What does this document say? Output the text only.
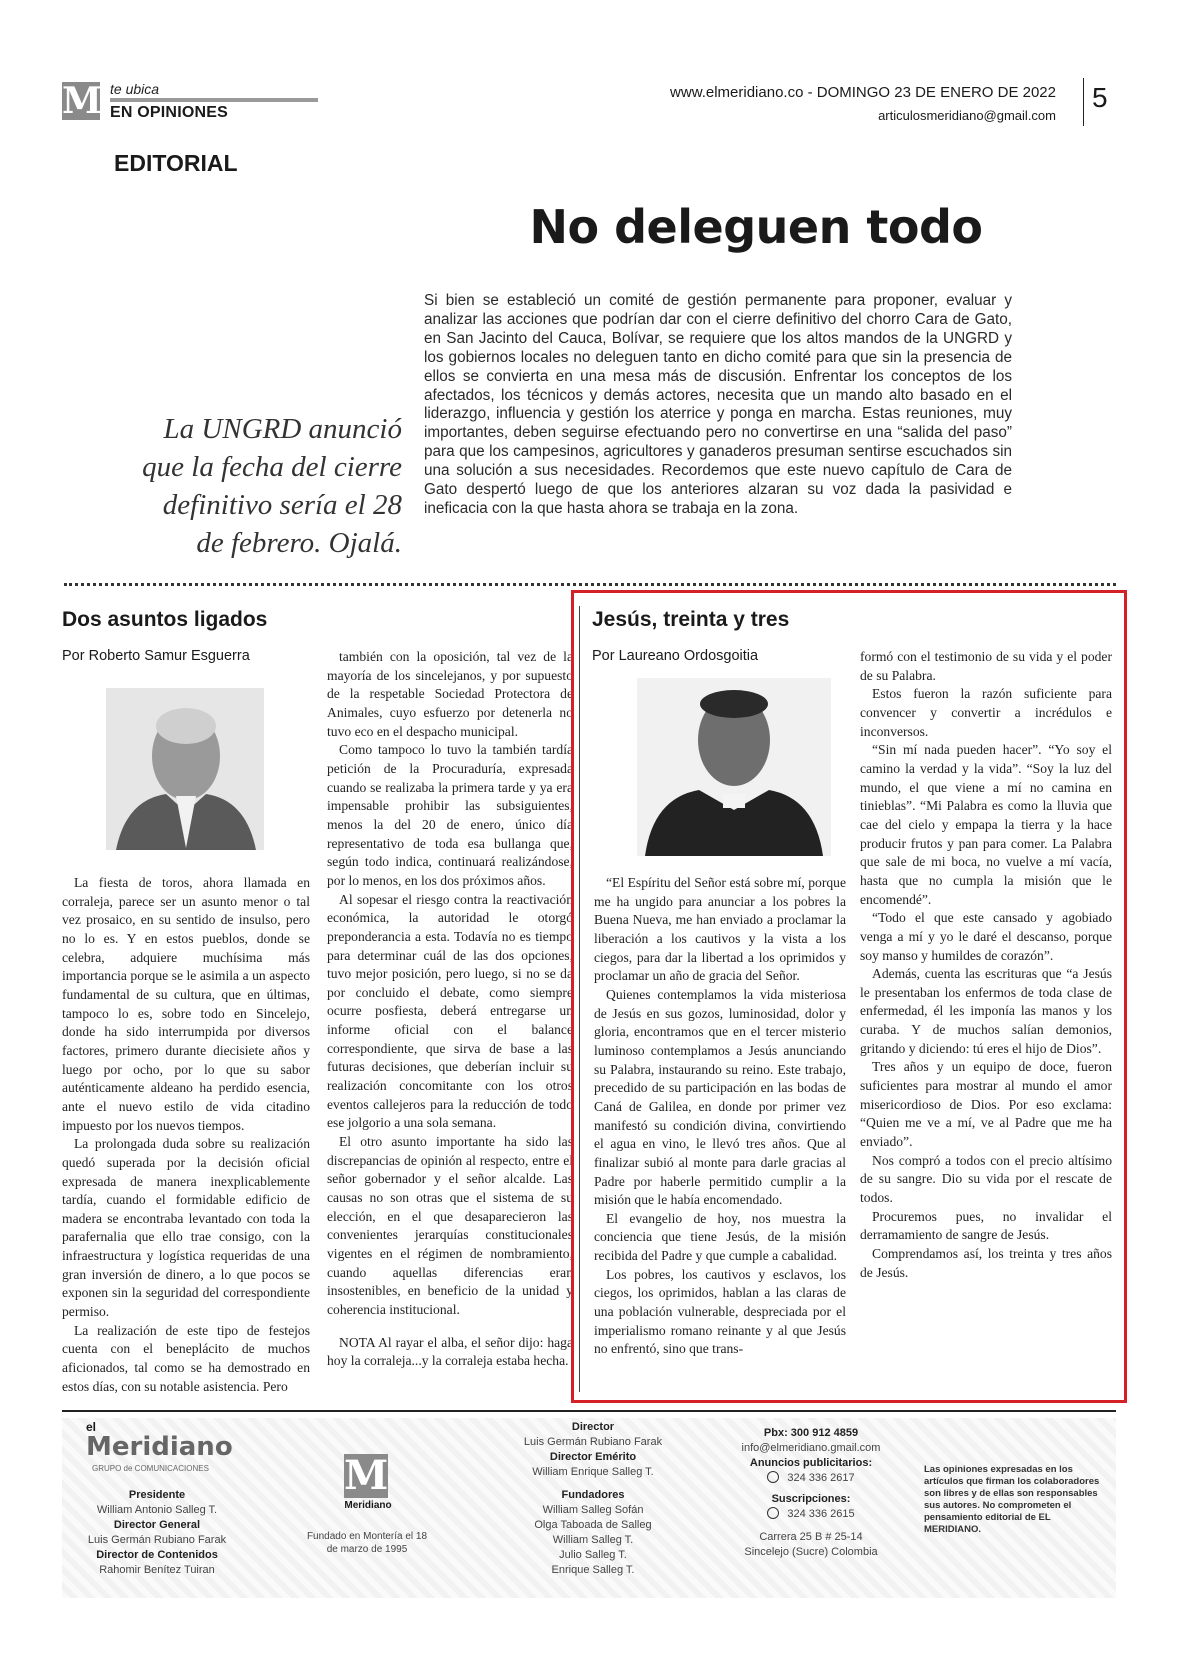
M te ubica
EN OPINIONES
www.elmeridiano.co - DOMINGO 23 DE ENERO DE 2022
articulosmeridiano@gmail.com
5
EDITORIAL
No deleguen todo
Si bien se estableció un comité de gestión permanente para proponer, evaluar y analizar las acciones que podrían dar con el cierre definitivo del chorro Cara de Gato, en San Jacinto del Cauca, Bolívar, se requiere que los altos mandos de la UNGRD y los gobiernos locales no deleguen tanto en dicho comité para que sin la presencia de ellos se convierta en una mesa más de discusión. Enfrentar los conceptos de los afectados, los técnicos y demás actores, necesita que un mando alto basado en el liderazgo, influencia y gestión los aterrice y ponga en marcha. Estas reuniones, muy importantes, deben seguirse efectuando pero no convertirse en una “salida del paso” para que los campesinos, agricultores y ganaderos presuman sentirse escuchados sin una solución a sus necesidades. Recordemos que este nuevo capítulo de Cara de Gato despertó luego de que los anteriores alzaran su voz dada la pasividad e ineficacia con la que hasta ahora se trabaja en la zona.
La UNGRD anunció que la fecha del cierre definitivo sería el 28 de febrero. Ojalá.
Dos asuntos ligados
Por Roberto Samur Esguerra

La fiesta de toros, ahora llamada en corraleja, parece ser un asunto menor o tal vez prosaico, en su sentido de insulso, pero no lo es. Y en estos pueblos, donde se celebra, adquiere muchísima más importancia porque se le asimila a un aspecto fundamental de su cultura, que en últimas, tampoco lo es, sobre todo en Sincelejo, donde ha sido interrumpida por diversos factores, primero durante diecisiete años y luego por ocho, por lo que su sabor auténticamente aldeano ha perdido esencia, ante el nuevo estilo de vida citadino impuesto por los nuevos tiempos.

La prolongada duda sobre su realización quedó superada por la decisión oficial expresada de manera inexplicablemente tardía, cuando el formidable edificio de madera se encontraba levantado con toda la parafernalia que ello trae consigo, con la infraestructura y logística requeridas de una gran inversión de dinero, a lo que pocos se exponen sin la seguridad del correspondiente permiso.

La realización de este tipo de festejos cuenta con el beneplácito de muchos aficionados, tal como se ha demostrado en estos días, con su notable asistencia. Pero

también con la oposición, tal vez de la mayoría de los sincelejanos, y por supuesto de la respetable Sociedad Protectora de Animales, cuyo esfuerzo por detenerla no tuvo eco en el despacho municipal.

Como tampoco lo tuvo la también tardía petición de la Procuraduría, expresada cuando se realizaba la primera tarde y ya era impensable prohibir las subsiguientes, menos la del 20 de enero, único día representativo de toda esa bullanga que, según todo indica, continuará realizándose, por lo menos, en los dos próximos años.

Al sopesar el riesgo contra la reactivación económica, la autoridad le otorgó preponderancia a esta. Todavía no es tiempo para determinar cuál de las dos opciones, tuvo mejor posición, pero luego, si no se da por concluido el debate, como siempre ocurre posfiesta, deberá entregarse un informe oficial con el balance correspondiente, que sirva de base a las futuras decisiones, que deberían incluir su realización concomitante con los otros eventos callejeros para la reducción de todo ese jolgorio a una sola semana.

El otro asunto importante ha sido las discrepancias de opinión al respecto, entre el señor gobernador y el señor alcalde. Las causas no son otras que el sistema de su elección, en el que desaparecieron las convenientes jerarquías constitucionales vigentes en el régimen de nombramiento, cuando aquellas diferencias eran insostenibles, en beneficio de la unidad y coherencia institucional.

NOTA Al rayar el alba, el señor dijo: haga hoy la corraleja...y la corraleja estaba hecha.

Jesús, treinta y tres
Por Laureano Ordosgoitia

“El Espíritu del Señor está sobre mí, porque me ha ungido para anunciar a los pobres la Buena Nueva, me han enviado a proclamar la liberación a los cautivos y la vista a los ciegos, para dar la libertad a los oprimidos y proclamar un año de gracia del Señor.

Quienes contemplamos la vida misteriosa de Jesús en sus gozos, luminosidad, dolor y gloria, encontramos que en el tercer misterio luminoso contemplamos a Jesús anunciando su Palabra, instaurando su reino. Este trabajo, precedido de su participación en las bodas de Caná de Galilea, en donde por primer vez manifestó su condición divina, convirtiendo el agua en vino, le llevó tres años. Que al finalizar subió al monte para darle gracias al Padre por haberle permitido cumplir a la misión que le había encomendado.

El evangelio de hoy, nos muestra la conciencia que tiene Jesús, de la misión recibida del Padre y que cumple a cabalidad.

Los pobres, los cautivos y esclavos, los ciegos, los oprimidos, hablan a las claras de una población vulnerable, despreciada por el imperialismo romano reinante y al que Jesús no enfrentó, sino que trans-

formó con el testimonio de su vida y el poder de su Palabra.

Estos fueron la razón suficiente para convencer y convertir a incrédulos e inconversos.

“Sin mí nada pueden hacer”. “Yo soy el camino la verdad y la vida”. “Soy la luz del mundo, el que viene a mí no camina en tinieblas”. “Mi Palabra es como la lluvia que cae del cielo y empapa la tierra y la hace producir frutos y pan para comer. La Palabra que sale de mi boca, no vuelve a mí vacía, hasta que no cumpla la misión que le encomendé”.

“Todo el que este cansado y agobiado venga a mí y yo le daré el descanso, porque soy manso y humildes de corazón”.

Además, cuenta las escrituras que “a Jesús le presentaban los enfermos de toda clase de enfermedad, él les imponía las manos y los curaba. Y de muchos salían demonios, gritando y diciendo: tú eres el hijo de Dios”.

Tres años y un equipo de doce, fueron suficientes para mostrar al mundo el amor misericordioso de Dios. Por eso exclama: “Quien me ve a mí, ve al Padre que me ha enviado”.

Nos compró a todos con el precio altísimo de su sangre. Dio su vida por el rescate de todos.

Procuremos pues, no invalidar el derramamiento de sangre de Jesús.

Comprendamos así, los treinta y tres años de Jesús.

el
Meridiano
GRUPO de COMUNICACIONES
Presidente
William Antonio Salleg T.
Director General
Luis Germán Rubiano Farak
Director de Contenidos
Rahomir Benítez Tuiran
M
Meridiano
Fundado en Montería el 18 de marzo de 1995
Director
Luis Germán Rubiano Farak
Director Emérito
William Enrique Salleg T.
Fundadores
William Salleg Sofán
Olga Taboada de Salleg
William Salleg T.
Julio Salleg T.
Enrique Salleg T.
Pbx: 300 912 4859
info@elmeridiano.gmail.com
Anuncios publicitarios:
324 336 2617
Suscripciones:
324 336 2615
Carrera 25 B # 25-14
Sincelejo (Sucre) Colombia
Las opiniones expresadas en los artículos que firman los colaboradores son libres y de ellas son responsables sus autores. No comprometen el pensamiento editorial de EL MERIDIANO.
